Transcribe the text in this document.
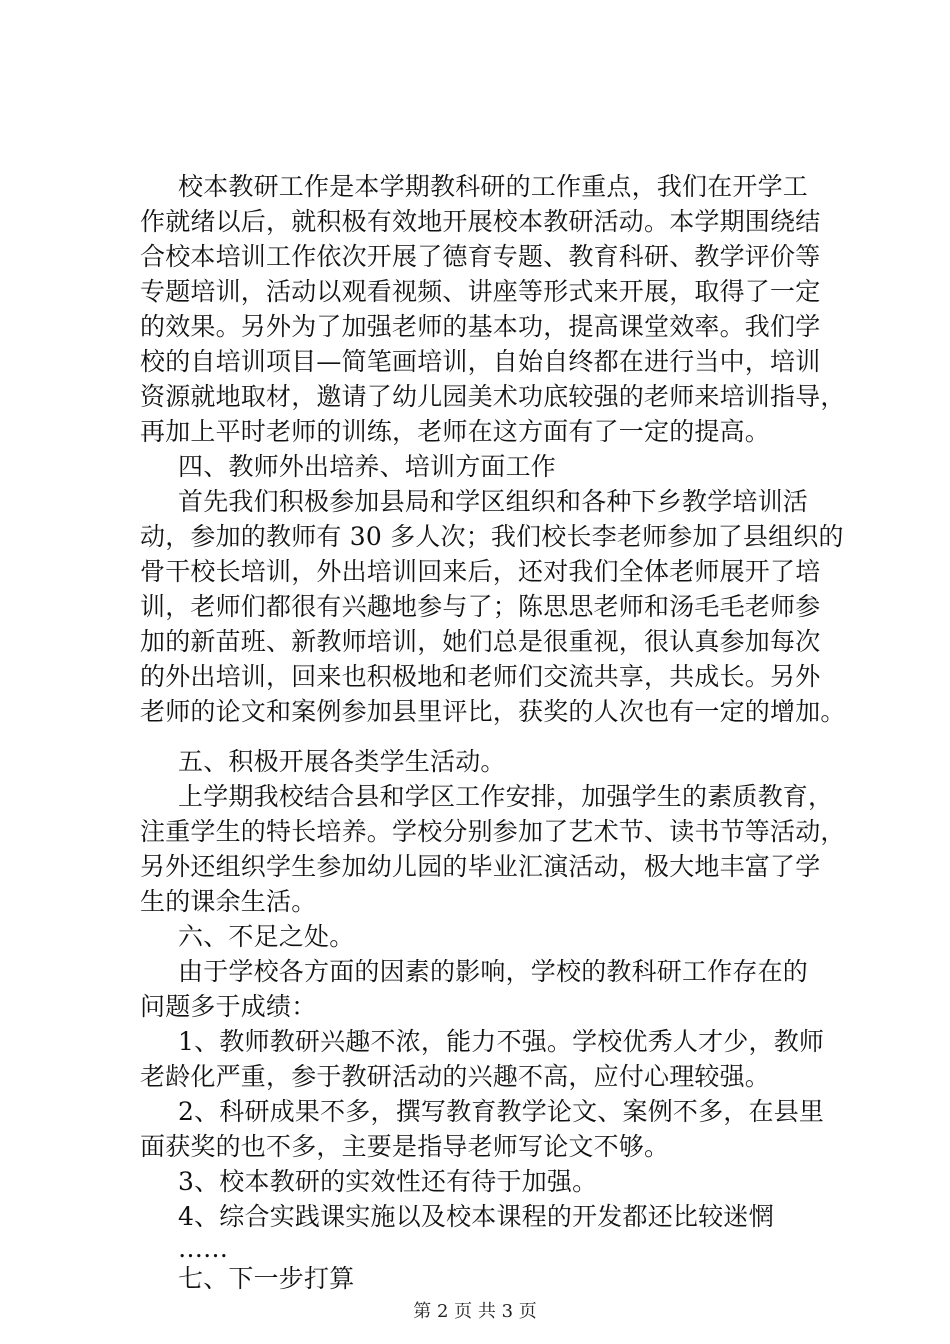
校本教研工作是本学期教科研的工作重点，我们在开学工
作就绪以后，就积极有效地开展校本教研活动。本学期围绕结
合校本培训工作依次开展了德育专题、教育科研、教学评价等
专题培训，活动以观看视频、讲座等形式来开展，取得了一定
的效果。另外为了加强老师的基本功，提高课堂效率。我们学
校的自培训项目—简笔画培训，自始自终都在进行当中，培训
资源就地取材，邀请了幼儿园美术功底较强的老师来培训指导，
再加上平时老师的训练，老师在这方面有了一定的提高。
四、教师外出培养、培训方面工作
首先我们积极参加县局和学区组织和各种下乡教学培训活
动，参加的教师有 30 多人次；我们校长李老师参加了县组织的
骨干校长培训，外出培训回来后，还对我们全体老师展开了培
训，老师们都很有兴趣地参与了；陈思思老师和汤毛毛老师参
加的新苗班、新教师培训，她们总是很重视，很认真参加每次
的外出培训，回来也积极地和老师们交流共享，共成长。另外
老师的论文和案例参加县里评比，获奖的人次也有一定的增加。
五、积极开展各类学生活动。
上学期我校结合县和学区工作安排，加强学生的素质教育，
注重学生的特长培养。学校分别参加了艺术节、读书节等活动，
另外还组织学生参加幼儿园的毕业汇演活动，极大地丰富了学
生的课余生活。
六、不足之处。
由于学校各方面的因素的影响，学校的教科研工作存在的
问题多于成绩：
1、教师教研兴趣不浓，能力不强。学校优秀人才少，教师
老龄化严重，参于教研活动的兴趣不高，应付心理较强。
2、科研成果不多，撰写教育教学论文、案例不多，在县里
面获奖的也不多，主要是指导老师写论文不够。
3、校本教研的实效性还有待于加强。
4、综合实践课实施以及校本课程的开发都还比较迷惘
……
七、下一步打算
第 2 页 共 3 页
